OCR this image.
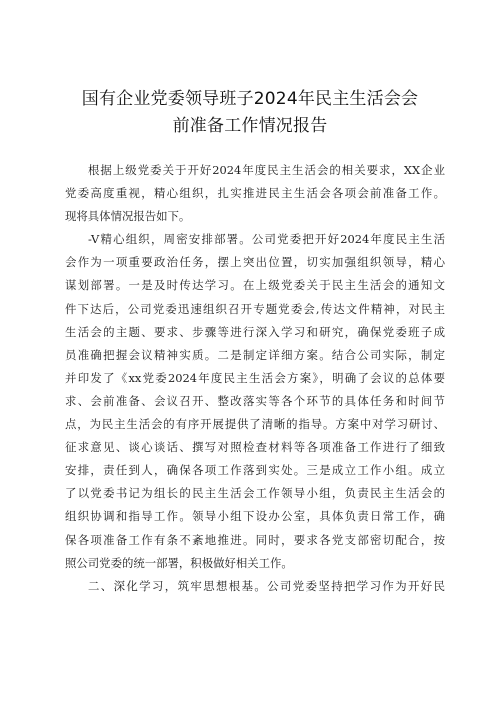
国有企业党委领导班子2024年民主生活会会
前准备工作情况报告
根据上级党委关于开好2024年度民主生活会的相关要求，XX企业
党委高度重视，精心组织，扎实推进民主生活会各项会前准备工作。
现将具体情况报告如下。
-V精心组织，周密安排部署。公司党委把开好2024年度民主生活
会作为一项重要政治任务，摆上突出位置，切实加强组织领导，精心
谋划部署。一是及时传达学习。在上级党委关于民主生活会的通知文
件下达后，公司党委迅速组织召开专题党委会,传达文件精神，对民主
生活会的主题、要求、步骤等进行深入学习和研究，确保党委班子成
员准确把握会议精神实质。二是制定详细方案。结合公司实际，制定
并印发了《xx党委2024年度民主生活会方案》，明确了会议的总体要
求、会前准备、会议召开、整改落实等各个环节的具体任务和时间节
点，为民主生活会的有序开展提供了清晰的指导。方案中对学习研讨、
征求意见、谈心谈话、撰写对照检查材料等各项准备工作进行了细致
安排，责任到人，确保各项工作落到实处。三是成立工作小组。成立
了以党委书记为组长的民主生活会工作领导小组，负责民主生活会的
组织协调和指导工作。领导小组下设办公室，具体负责日常工作，确
保各项准备工作有条不紊地推进。同时，要求各党支部密切配合，按
照公司党委的统一部署，积极做好相关工作。
二、深化学习，筑牢思想根基。公司党委坚持把学习作为开好民
